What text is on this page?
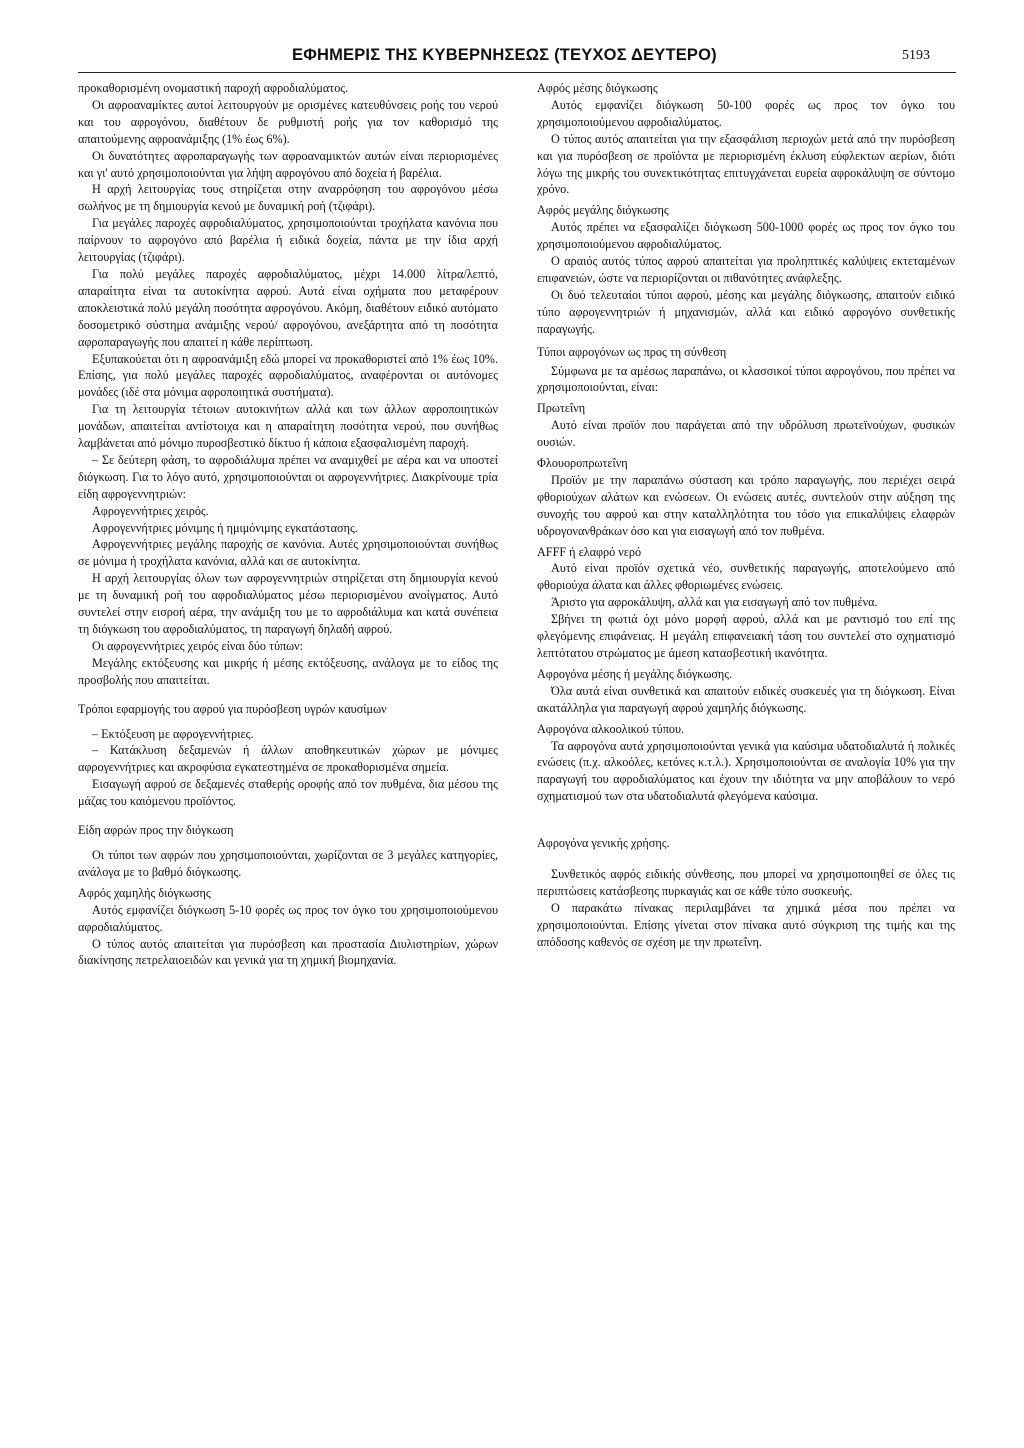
ΕΦΗΜΕΡΙΣ ΤΗΣ ΚΥΒΕΡΝΗΣΕΩΣ (ΤΕΥΧΟΣ ΔΕΥΤΕΡΟ)	5193

προκαθορισμένη ονομαστική παροχή αφροδιαλύματος.

Οι αφροαναμίκτες αυτοί λειτουργούν με ορισμένες κατευθύνσεις ροής του νερού και του αφρογόνου, διαθέτουν δε ρυθμιστή ροής για τον καθορισμό της απαιτούμενης αφροανάμιξης (1% έως 6%).

Οι δυνατότητες αφροπαραγωγής των αφροαναμικτών αυτών είναι περιορισμένες και γι' αυτό χρησιμοποιούνται για λήψη αφρογόνου από δοχεία ή βαρέλια.

Η αρχή λειτουργίας τους στηρίζεται στην αναρρόφηση του αφρογόνου μέσω σωλήνος με τη δημιουργία κενού με δυναμική ροή (τζιφάρι).

Για μεγάλες παροχές αφροδιαλύματος, χρησιμοποιούνται τροχήλατα κανόνια που παίρνουν το αφρογόνο από βαρέλια ή ειδικά δοχεία, πάντα με την ίδια αρχή λειτουργίας (τζιφάρι).

Για πολύ μεγάλες παροχές αφροδιαλύματος, μέχρι 14.000 λίτρα/λεπτό, απαραίτητα είναι τα αυτοκίνητα αφρού. Αυτά είναι οχήματα που μεταφέρουν αποκλειστικά πολύ μεγάλη ποσότητα αφρογόνου. Ακόμη, διαθέτουν ειδικό αυτόματο δοσομετρικό σύστημα ανάμιξης νερού/ αφρογόνου, ανεξάρτητα από τη ποσότητα αφροπαραγωγής που απαιτεί η κάθε περίπτωση.

Εξυπακούεται ότι η αφροανάμιξη εδώ μπορεί να προκαθοριστεί από 1% έως 10%. Επίσης, για πολύ μεγάλες παροχές αφροδιαλύματος, αναφέρονται οι αυτόνομες μονάδες (ιδέ στα μόνιμα αφροποιητικά συστήματα).

Για τη λειτουργία τέτοιων αυτοκινήτων αλλά και των άλλων αφροποιητικών μονάδων, απαιτείται αντίστοιχα και η απαραίτητη ποσότητα νερού, που συνήθως λαμβάνεται από μόνιμο πυροσβεστικό δίκτυο ή κάποια εξασφαλισμένη παροχή.

– Σε δεύτερη φάση, το αφροδιάλυμα πρέπει να αναμιχθεί με αέρα και να υποστεί διόγκωση. Για το λόγο αυτό, χρησιμοποιούνται οι αφρογεννήτριες. Διακρίνουμε τρία είδη αφρογεννητριών:

Αφρογεννήτριες χειρός.

Αφρογεννήτριες μόνιμης ή ημιμόνιμης εγκατάστασης.

Αφρογεννήτριες μεγάλης παροχής σε κανόνια. Αυτές χρησιμοποιούνται συνήθως σε μόνιμα ή τροχήλατα κανόνια, αλλά και σε αυτοκίνητα.

Η αρχή λειτουργίας όλων των αφρογεννητριών στηρίζεται στη δημιουργία κενού με τη δυναμική ροή του αφροδιαλύματος μέσω περιορισμένου ανοίγματος. Αυτό συντελεί στην εισροή αέρα, την ανάμιξη του με το αφροδιάλυμα και κατά συνέπεια τη διόγκωση του αφροδιαλύματος, τη παραγωγή δηλαδή αφρού.

Οι αφρογεννήτριες χειρός είναι δύο τύπων:

Μεγάλης εκτόξευσης και μικρής ή μέσης εκτόξευσης, ανάλογα με το είδος της προσβολής που απαιτείται.

Τρόποι εφαρμογής του αφρού για πυρόσβεση υγρών καυσίμων

– Εκτόξευση με αφρογεννήτριες.

– Κατάκλυση δεξαμενών ή άλλων αποθηκευτικών χώρων με μόνιμες αφρογεννήτριες και ακροφύσια εγκατεστημένα σε προκαθορισμένα σημεία.

Εισαγωγή αφρού σε δεξαμενές σταθερής οροφής από τον πυθμένα, δια μέσου της μάζας του καιόμενου προϊόντος.

Είδη αφρών προς την διόγκωση

Οι τύποι των αφρών που χρησιμοποιούνται, χωρίζονται σε 3 μεγάλες κατηγορίες, ανάλογα με το βαθμό διόγκωσης.

Αφρός χαμηλής διόγκωσης

Αυτός εμφανίζει διόγκωση 5-10 φορές ως προς τον όγκο του χρησιμοποιούμενου αφροδιαλύματος.

Ο τύπος αυτός απαιτείται για πυρόσβεση και προστασία Διυλιστηρίων, χώρων διακίνησης πετρελαιοειδών και γενικά για τη χημική βιομηχανία.

Αφρός μέσης διόγκωσης

Αυτός εμφανίζει διόγκωση 50-100 φορές ως προς τον όγκο του χρησιμοποιούμενου αφροδιαλύματος.

Ο τύπος αυτός απαιτείται για την εξασφάλιση περιοχών μετά από την πυρόσβεση και για πυρόσβεση σε προϊόντα με περιορισμένη έκλυση εύφλεκτων αερίων, διότι λόγω της μικρής του συνεκτικότητας επιτυγχάνεται ευρεία αφροκάλυψη σε σύντομο χρόνο.

Αφρός μεγάλης διόγκωσης

Αυτός πρέπει να εξασφαλίζει διόγκωση 500-1000 φορές ως προς τον όγκο του χρησιμοποιούμενου αφροδιαλύματος.

Ο αραιός αυτός τύπος αφρού απαιτείται για προληπτικές καλύψεις εκτεταμένων επιφανειών, ώστε να περιορίζονται οι πιθανότητες ανάφλεξης.

Οι δυό τελευταίοι τύποι αφρού, μέσης και μεγάλης διόγκωσης, απαιτούν ειδικό τύπο αφρογεννητριών ή μηχανισμών, αλλά και ειδικό αφρογόνο συνθετικής παραγωγής.

Τύποι αφρογόνων ως προς τη σύνθεση

Σύμφωνα με τα αμέσως παραπάνω, οι κλασσικοί τύποι αφρογόνου, που πρέπει να χρησιμοποιούνται, είναι:

Πρωτεΐνη

Αυτό είναι προϊόν που παράγεται από την υδρόλυση πρωτεϊνούχων, φυσικών ουσιών.

Φλουοροπρωτεΐνη

Προϊόν με την παραπάνω σύσταση και τρόπο παραγωγής, που περιέχει σειρά φθοριούχων αλάτων και ενώσεων. Οι ενώσεις αυτές, συντελούν στην αύξηση της συνοχής του αφρού και στην καταλληλότητα του τόσο για επικαλύψεις ελαφρών υδρογονανθράκων όσο και για εισαγωγή από τον πυθμένα.

AFFF ή ελαφρό νερό

Αυτό είναι προϊόν σχετικά νέο, συνθετικής παραγωγής, αποτελούμενο από φθοριούχα άλατα και άλλες φθοριωμένες ενώσεις.

Άριστο για αφροκάλυψη, αλλά και για εισαγωγή από τον πυθμένα.

Σβήνει τη φωτιά όχι μόνο μορφή αφρού, αλλά και με ραντισμό του επί της φλεγόμενης επιφάνειας. Η μεγάλη επιφανειακή τάση του συντελεί στο σχηματισμό λεπτότατου στρώματος με άμεση κατασβεστική ικανότητα.

Αφρογόνα μέσης ή μεγάλης διόγκωσης.

Όλα αυτά είναι συνθετικά και απαιτούν ειδικές συσκευές για τη διόγκωση. Είναι ακατάλληλα για παραγωγή αφρού χαμηλής διόγκωσης.

Αφρογόνα αλκοολικού τύπου.

Τα αφρογόνα αυτά χρησιμοποιούνται γενικά για καύσιμα υδατοδιαλυτά ή πολικές ενώσεις (π.χ. αλκοόλες, κετόνες κ.τ.λ.). Χρησιμοποιούνται σε αναλογία 10% για την παραγωγή του αφροδιαλύματος και έχουν την ιδιότητα να μην αποβάλουν το νερό σχηματισμού των στα υδατοδιαλυτά φλεγόμενα καύσιμα.

Αφρογόνα γενικής χρήσης.

Συνθετικός αφρός ειδικής σύνθεσης, που μπορεί να χρησιμοποιηθεί σε όλες τις περιπτώσεις κατάσβεσης πυρκαγιάς και σε κάθε τύπο συσκευής.

Ο παρακάτω πίνακας περιλαμβάνει τα χημικά μέσα που πρέπει να χρησιμοποιούνται. Επίσης γίνεται στον πίνακα αυτό σύγκριση της τιμής και της απόδοσης καθενός σε σχέση με την πρωτεΐνη.
